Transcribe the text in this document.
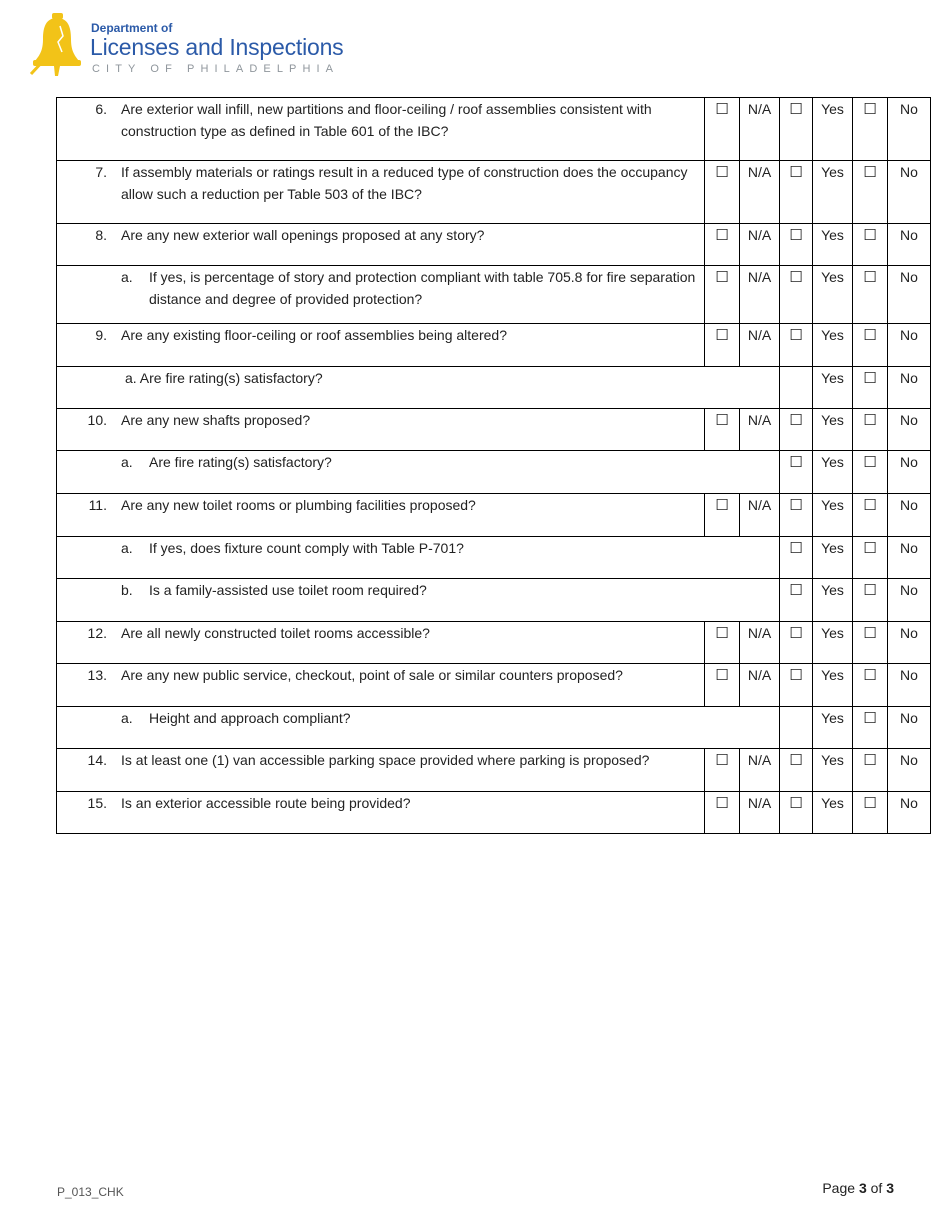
Department of
Licenses and Inspections
CITY OF PHILADELPHIA
6. Are exterior wall infill, new partitions and floor-ceiling / roof assemblies consistent with construction type as defined in Table 601 of the IBC?	☐	N/A	☐	Yes	☐	No

7. If assembly materials or ratings result in a reduced type of construction does the occupancy allow such a reduction per Table 503 of the IBC?	☐	N/A	☐	Yes	☐	No

8. Are any new exterior wall openings proposed at any story?	☐	N/A	☐	Yes	☐	No

a. If yes, is percentage of story and protection compliant with table 705.8 for fire separation distance and degree of provided protection?	☐	N/A	☐	Yes	☐	No

9. Are any existing floor-ceiling or roof assemblies being altered?	☐	N/A	☐	Yes	☐	No

a. Are fire rating(s) satisfactory?				Yes	☐	No

10. Are any new shafts proposed?	☐	N/A	☐	Yes	☐	No

a. Are fire rating(s) satisfactory?			☐	Yes	☐	No

11. Are any new toilet rooms or plumbing facilities proposed?	☐	N/A	☐	Yes	☐	No

a. If yes, does fixture count comply with Table P-701?			☐	Yes	☐	No

b. Is a family-assisted use toilet room required?			☐	Yes	☐	No

12. Are all newly constructed toilet rooms accessible?	☐	N/A	☐	Yes	☐	No

13. Are any new public service, checkout, point of sale or similar counters proposed?	☐	N/A	☐	Yes	☐	No

a. Height and approach compliant?				Yes	☐	No

14. Is at least one (1) van accessible parking space provided where parking is proposed?	☐	N/A	☐	Yes	☐	No

15. Is an exterior accessible route being provided?	☐	N/A	☐	Yes	☐	No
P_013_CHK	Page 3 of 3
